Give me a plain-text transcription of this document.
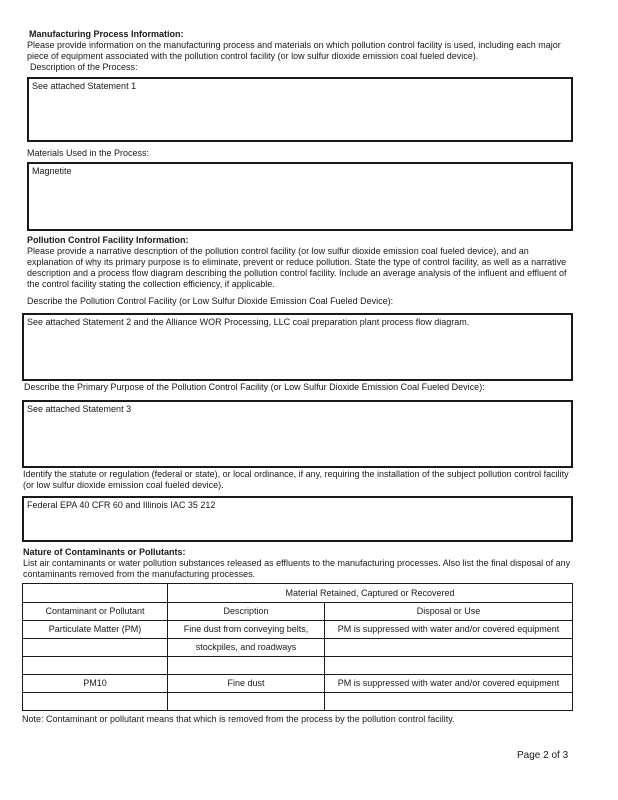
Manufacturing Process Information:
Please provide information on the manufacturing process and materials on which pollution control facility is used, including each major piece of equipment associated with the pollution control facility (or low sulfur dioxide emission coal fueled device).
Description of the Process:
See attached Statement 1
Materials Used in the Process:
Magnetite
Pollution Control Facility Information:
Please provide a narrative description of the pollution control facility (or low sulfur dioxide emission coal fueled device), and an explanation of why its primary purpose is to eliminate, prevent or reduce pollution. State the type of control facility, as well as a narrative description and a process flow diagram describing the pollution control facility. Include an average analysis of the influent and effluent of the control facility stating the collection efficiency, if applicable.
Describe the Pollution Control Facility (or Low Sulfur Dioxide Emission Coal Fueled Device):
See attached Statement 2 and the Alliance WOR Processing, LLC coal preparation plant process flow diagram.
Describe the Primary Purpose of the Pollution Control Facility (or Low Sulfur Dioxide Emission Coal Fueled Device):
See attached Statement 3
Identify the statute or regulation (federal or state), or local ordinance, if any, requiring the installation of the subject pollution control facility (or low sulfur dioxide emission coal fueled device).
Federal EPA 40 CFR 60 and Illinois IAC 35 212
Nature of Contaminants or Pollutants:
List air contaminants or water pollution substances released as effluents to the manufacturing processes. Also list the final disposal of any contaminants removed from the manufacturing processes.
	Material Retained, Captured or Recovered	
Contaminant or Pollutant	Description	Disposal or Use
Particulate Matter (PM)	Fine dust from conveying belts,	PM is suppressed with water and/or covered equipment
	stockpiles, and roadways	

PM10	Fine dust	PM is suppressed with water and/or covered equipment

Note: Contaminant or pollutant means that which is removed from the process by the pollution control facility.
Page 2 of 3
